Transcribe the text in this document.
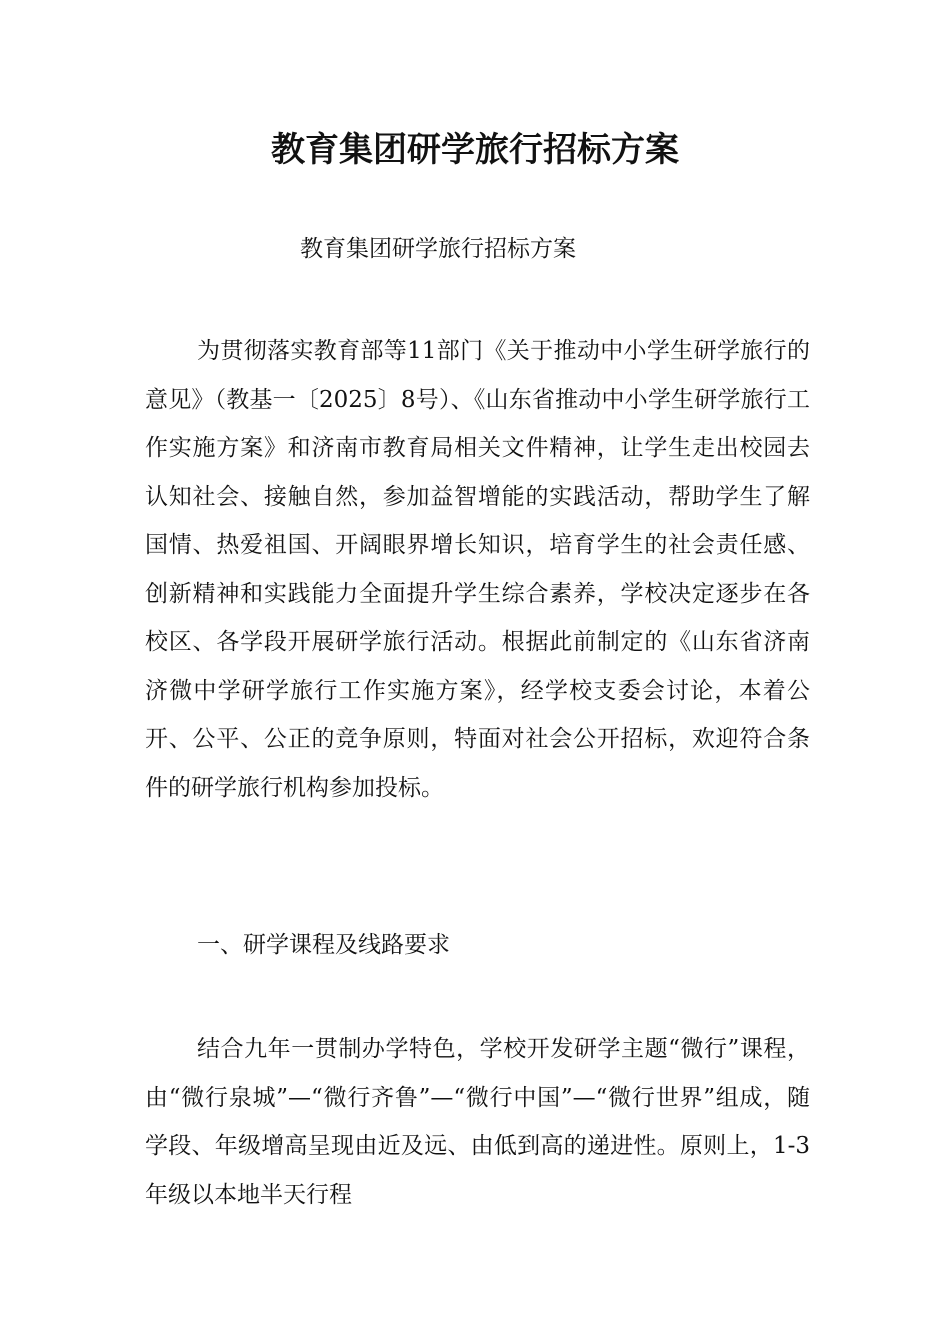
教育集团研学旅行招标方案
教育集团研学旅行招标方案

为贯彻落实教育部等11部门《关于推动中小学生研学旅行的意见》（教基一〔2025〕8号）、《山东省推动中小学生研学旅行工作实施方案》和济南市教育局相关文件精神，让学生走出校园去认知社会、接触自然，参加益智增能的实践活动，帮助学生了解国情、热爱祖国、开阔眼界增长知识，培育学生的社会责任感、创新精神和实践能力全面提升学生综合素养，学校决定逐步在各校区、各学段开展研学旅行活动。根据此前制定的《山东省济南济微中学研学旅行工作实施方案》，经学校支委会讨论，本着公开、公平、公正的竞争原则，特面对社会公开招标，欢迎符合条件的研学旅行机构参加投标。

一、研学课程及线路要求

结合九年一贯制办学特色，学校开发研学主题“微行”课程，由“微行泉城”—“微行齐鲁”—“微行中国”—“微行世界”组成，随学段、年级增高呈现由近及远、由低到高的递进性。原则上，1-3年级以本地半天行程
